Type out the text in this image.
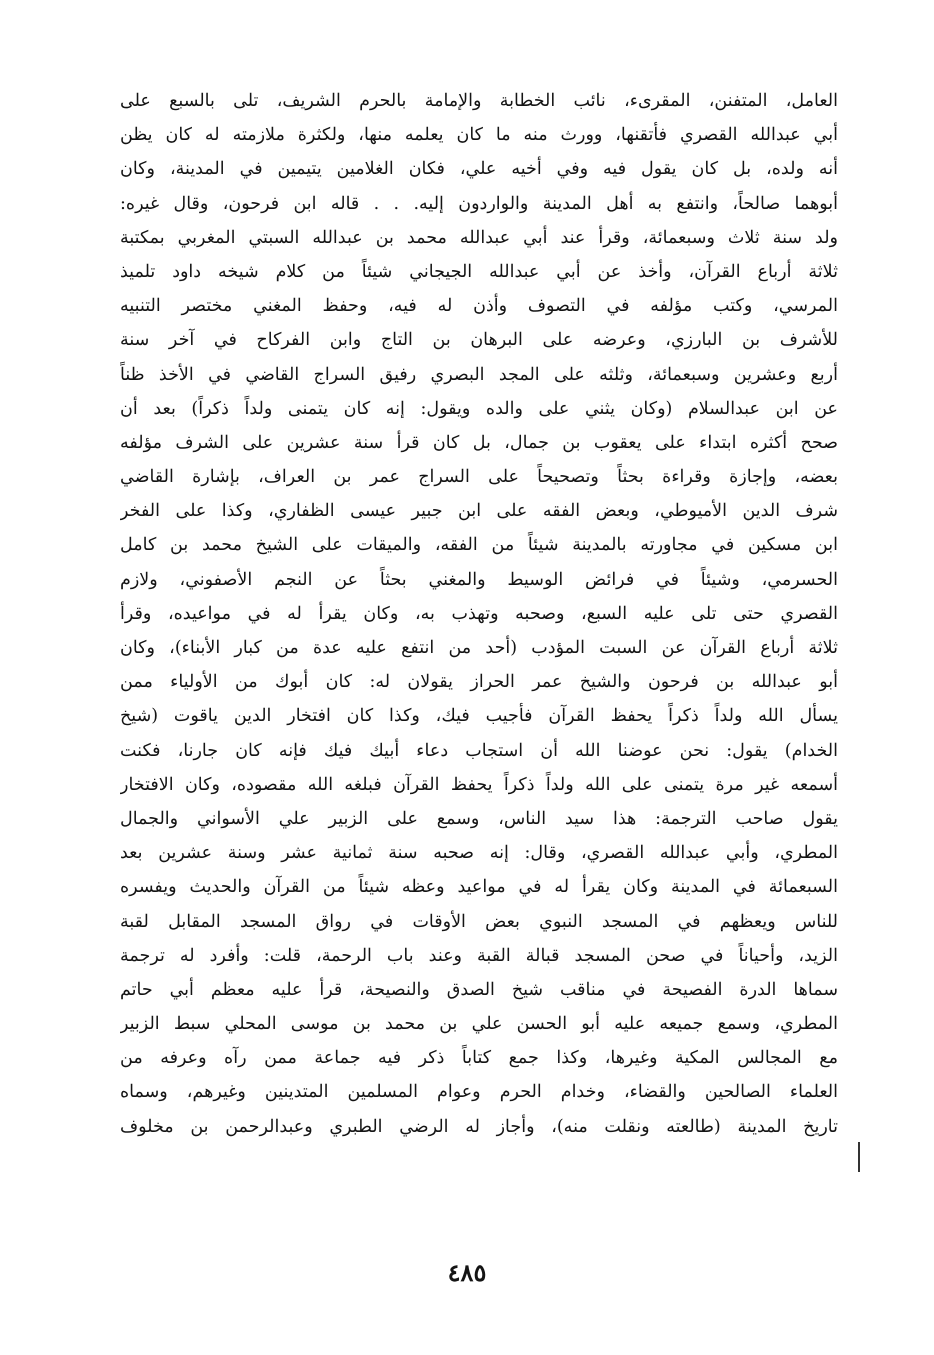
العامل، المتفنن، المقرىء، نائب الخطابة والإمامة بالحرم الشريف، تلى بالسبع على
أبي عبدالله القصري فأتقنها، وورث منه ما كان يعلمه منها، ولكثرة ملازمته له كان يظن
أنه ولده، بل كان يقول فيه وفي أخيه علي، فكان الغلامين يتيمين في المدينة، وكان
أبوهما صالحاً، وانتفع به أهل المدينة والواردون إليه. . . قاله ابن فرحون، وقال غيره:
ولد سنة ثلاث وسبعمائة، وقرأ عند أبي عبدالله محمد بن عبدالله السبتي المغربي بمكتبة
ثلاثة أرباع القرآن، وأخذ عن أبي عبدالله الجيجاني شيئاً من كلام شيخه داود تلميذ
المرسي، وكتب مؤلفه في التصوف وأذن له فيه، وحفظ المغني مختصر التنبيه
للأشرف بن البارزي، وعرضه على البرهان بن التاج وابن الفركاح في آخر سنة
أربع وعشرين وسبعمائة، وثلثه على المجد البصري رفيق السراج القاضي في الأخذ ظناً
عن ابن عبدالسلام (وكان يثني على والده ويقول: إنه كان يتمنى ولداً ذكراً) بعد أن
صحح أكثره ابتداء على يعقوب بن جمال، بل كان قرأ سنة عشرين على الشرف مؤلفه
بعضه، وإجازة وقراءة بحثاً وتصحيحاً على السراج عمر بن العراف، بإشارة القاضي
شرف الدين الأميوطي، وبعض الفقه على ابن جبير عيسى الظفاري، وكذا على الفخر
ابن مسكين في مجاورته بالمدينة شيئاً من الفقه، والميقات على الشيخ محمد بن كامل
الحسرمي، وشيئاً في فرائض الوسيط والمغني بحثاً عن النجم الأصفوني، ولازم
القصري حتى تلى عليه السبع، وصحبه وتهذب به، وكان يقرأ له في مواعيده، وقرأ
ثلاثة أرباع القرآن عن السبت المؤدب (أحد من انتفع عليه عدة من كبار الأبناء)، وكان
أبو عبدالله بن فرحون والشيخ عمر الحراز يقولان له: كان أبوك من الأولياء ممن
يسأل الله ولداً ذكراً يحفظ القرآن فأجيب فيك، وكذا كان افتخار الدين ياقوت (شيخ
الخدام) يقول: نحن عوضنا الله أن استجاب دعاء أبيك فيك فإنه كان جارنا، فكنت
أسمعه غير مرة يتمنى على الله ولداً ذكراً يحفظ القرآن فبلغه الله مقصوده، وكان الافتخار
يقول صاحب الترجمة: هذا سيد الناس، وسمع على الزبير علي الأسواني والجمال
المطري، وأبي عبدالله القصري، وقال: إنه صحبه سنة ثمانية عشر وسنة عشرين بعد
السبعمائة في المدينة وكان يقرأ له في مواعيد وعظه شيئاً من القرآن والحديث ويفسره
للناس ويعظهم في المسجد النبوي بعض الأوقات في رواق المسجد المقابل لقبة
الزيد، وأحياناً في صحن المسجد قبالة القبة وعند باب الرحمة، قلت: وأفرد له ترجمة
سماها الدرة الفصيحة في مناقب شيخ الصدق والنصيحة، قرأ عليه معظم أبي حاتم
المطري، وسمع جميعه عليه أبو الحسن علي بن محمد بن موسى المحلي سبط الزبير
مع المجالس المكية وغيرها، وكذا جمع كتاباً ذكر فيه جماعة ممن رآه وعرفه من
العلماء الصالحين والقضاء، وخدام الحرم وعوام المسلمين المتدينين وغيرهم، وسماه
تاريخ المدينة (طالعته ونقلت منه)، وأجاز له الرضي الطبري وعبدالرحمن بن مخلوف
٤٨٥
